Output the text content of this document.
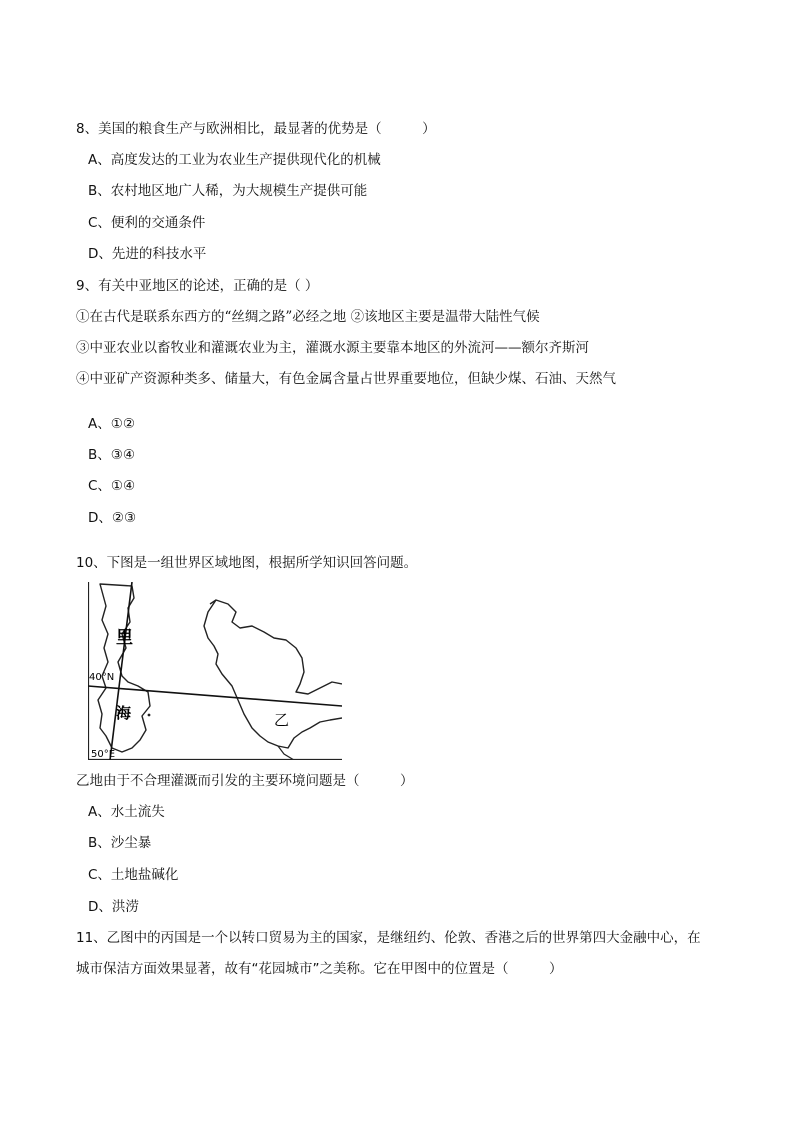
8、美国的粮食生产与欧洲相比，最显著的优势是（　　　）
A、高度发达的工业为农业生产提供现代化的机械
B、农村地区地广人稀，为大规模生产提供可能
C、便利的交通条件
D、先进的科技水平
9、有关中亚地区的论述，正确的是（ ）
①在古代是联系东西方的“丝绸之路”必经之地 ②该地区主要是温带大陆性气候
③中亚农业以畜牧业和灌溉农业为主，灌溉水源主要靠本地区的外流河——额尔齐斯河
④中亚矿产资源种类多、储量大，有色金属含量占世界重要地位，但缺少煤、石油、天然气
A、①②
B、③④
C、①④
D、②③
10、下图是一组世界区域地图，根据所学知识回答问题。
里
海	乙
40°N
50°E
乙地由于不合理灌溉而引发的主要环境问题是（　　　）
A、水土流失
B、沙尘暴
C、土地盐碱化
D、洪涝
11、乙图中的丙国是一个以转口贸易为主的国家，是继纽约、伦敦、香港之后的世界第四大金融中心，在
城市保洁方面效果显著，故有“花园城市”之美称。它在甲图中的位置是（　　　）
